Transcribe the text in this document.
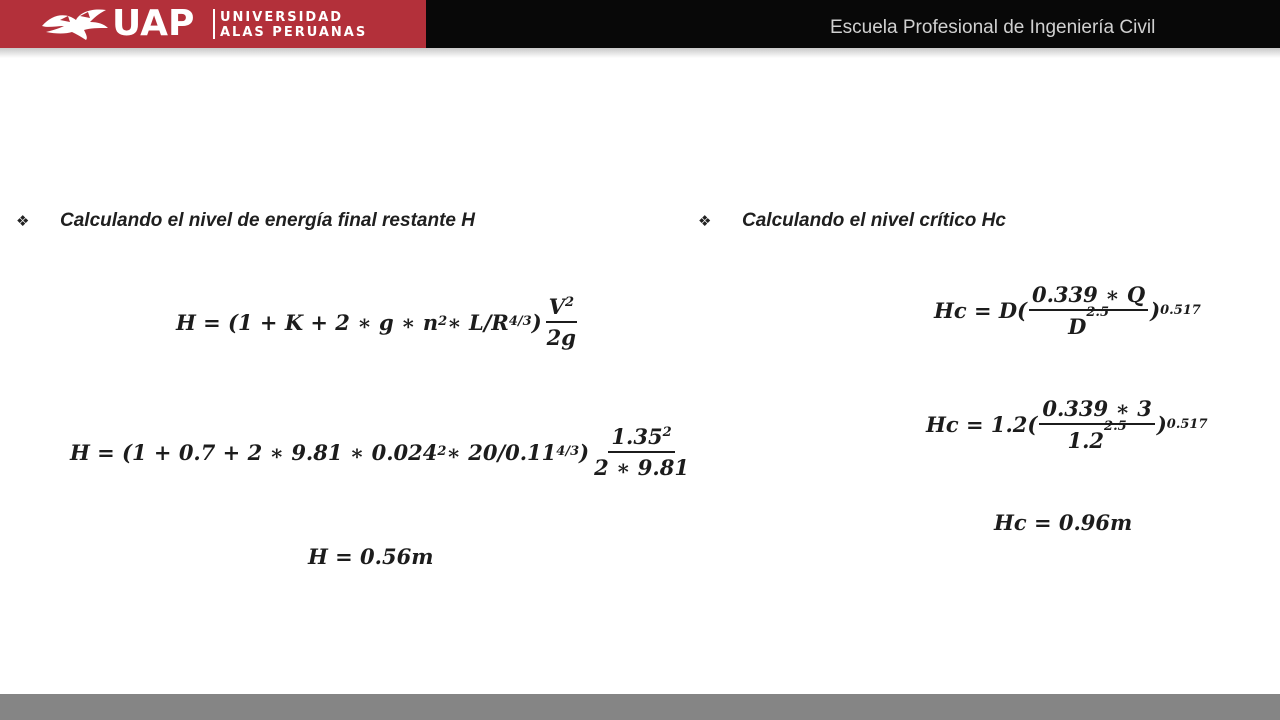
UAP UNIVERSIDAD
ALAS PERUANAS	Escuela Profesional de Ingeniería Civil
❖	Calculando el nivel de energía final restante H
H = (1 + K + 2 ∗ g ∗ n 2 ∗ L/R 4/3 ) $\frac{V^2}{2g}$
H = (1 + 0.7 + 2 ∗ 9.81 ∗ 0.024 2 ∗ 20/0.11 4/3 ) $\frac{1.35^2}{2 ∗ 9.81}$
H = 0.56m
❖	Calculando el nivel crítico Hc
$Hc = D( \frac{0.339 ∗ Q}{D^{2.5}}$ ) 0.517
$Hc = 1.2( \frac{0.339 ∗ 3}{1.2^{2.5}}$ ) 0.517
Hc = 0.96m
